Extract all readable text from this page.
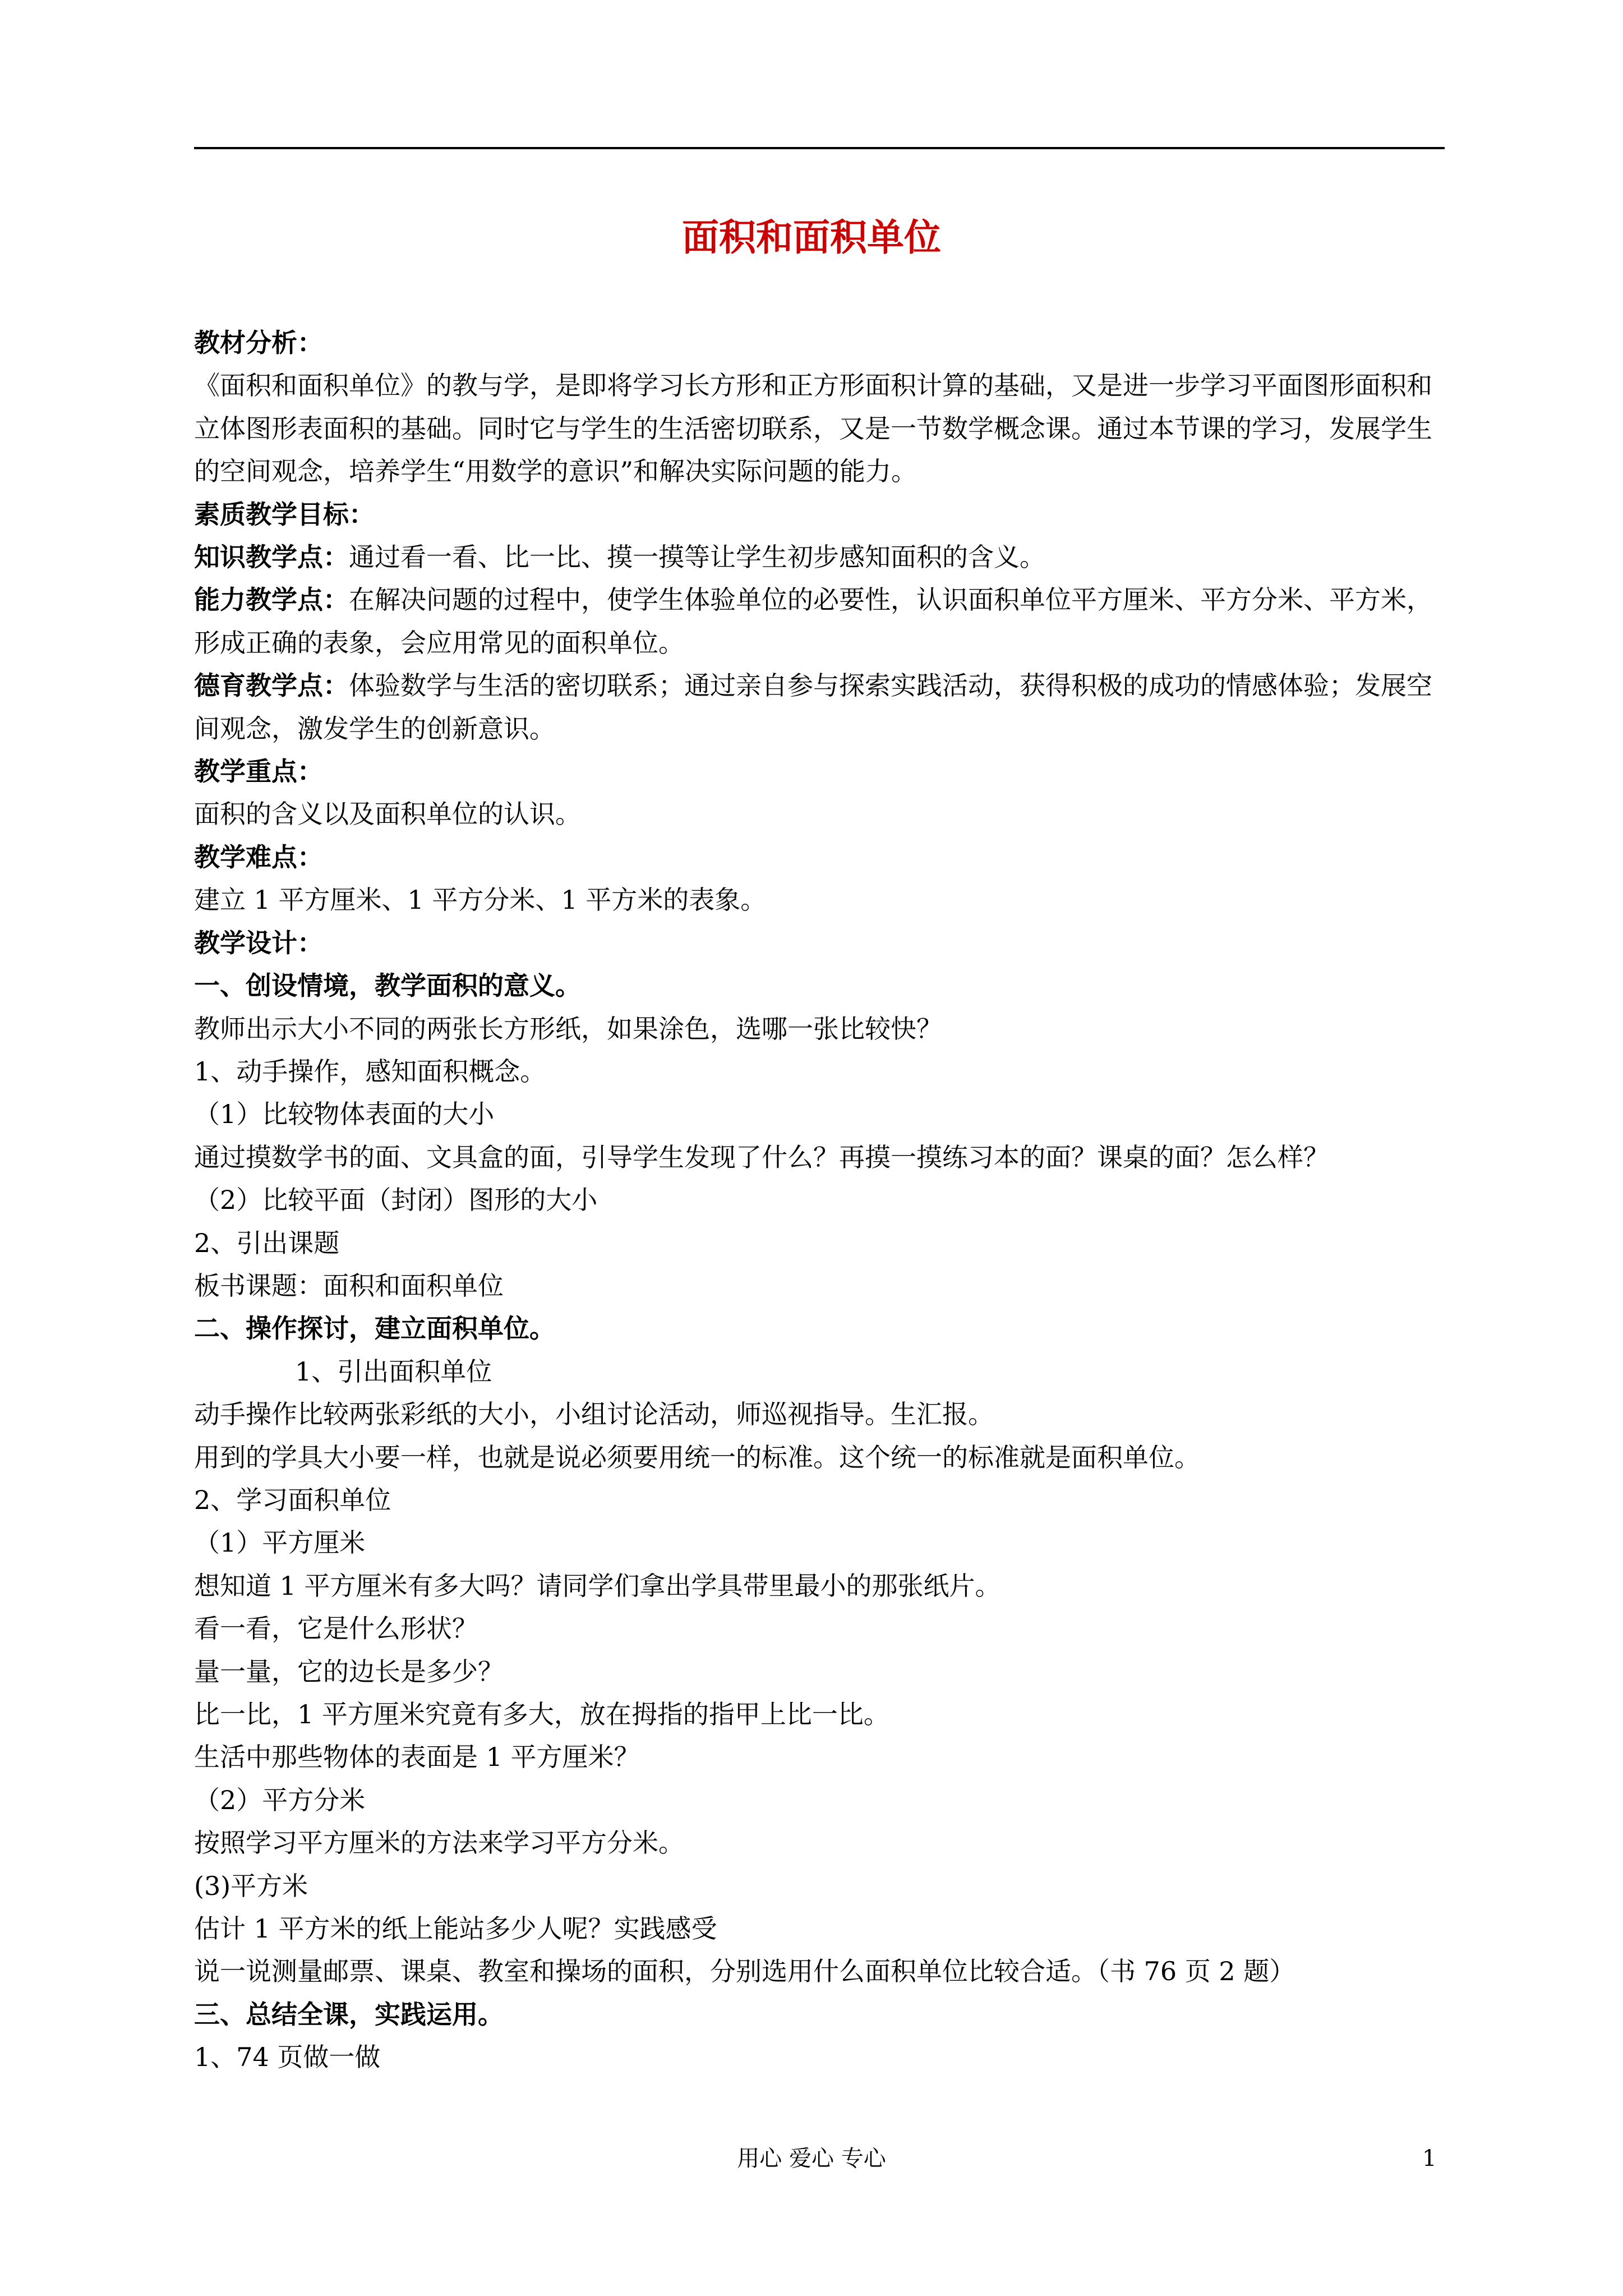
面积和面积单位

教材分析：

《面积和面积单位》的教与学，是即将学习长方形和正方形面积计算的基础，又是进一步学习平面图形面积和立体图形表面积的基础。同时它与学生的生活密切联系，又是一节数学概念课。通过本节课的学习，发展学生的空间观念，培养学生“用数学的意识”和解决实际问题的能力。

素质教学目标：

知识教学点：通过看一看、比一比、摸一摸等让学生初步感知面积的含义。

能力教学点：在解决问题的过程中，使学生体验单位的必要性，认识面积单位平方厘米、平方分米、平方米，形成正确的表象，会应用常见的面积单位。

德育教学点：体验数学与生活的密切联系；通过亲自参与探索实践活动，获得积极的成功的情感体验；发展空间观念，激发学生的创新意识。

教学重点：

面积的含义以及面积单位的认识。

教学难点：

建立 1 平方厘米、1 平方分米、1 平方米的表象。

教学设计：

一、创设情境，教学面积的意义。

教师出示大小不同的两张长方形纸，如果涂色，选哪一张比较快？

1、动手操作，感知面积概念。

（1）比较物体表面的大小

通过摸数学书的面、文具盒的面，引导学生发现了什么？再摸一摸练习本的面？课桌的面？怎么样？

（2）比较平面（封闭）图形的大小

2、引出课题

板书课题：面积和面积单位

二、操作探讨，建立面积单位。

1、引出面积单位

动手操作比较两张彩纸的大小，小组讨论活动，师巡视指导。生汇报。

用到的学具大小要一样，也就是说必须要用统一的标准。这个统一的标准就是面积单位。

2、学习面积单位

（1）平方厘米

想知道 1 平方厘米有多大吗？请同学们拿出学具带里最小的那张纸片。

看一看，它是什么形状？

量一量，它的边长是多少？

比一比，1 平方厘米究竟有多大，放在拇指的指甲上比一比。

生活中那些物体的表面是 1 平方厘米？

（2）平方分米

按照学习平方厘米的方法来学习平方分米。

(3)平方米

估计 1 平方米的纸上能站多少人呢？实践感受

说一说测量邮票、课桌、教室和操场的面积，分别选用什么面积单位比较合适。（书 76 页 2 题）

三、总结全课，实践运用。

1、74 页做一做

用心 爱心 专心	1
